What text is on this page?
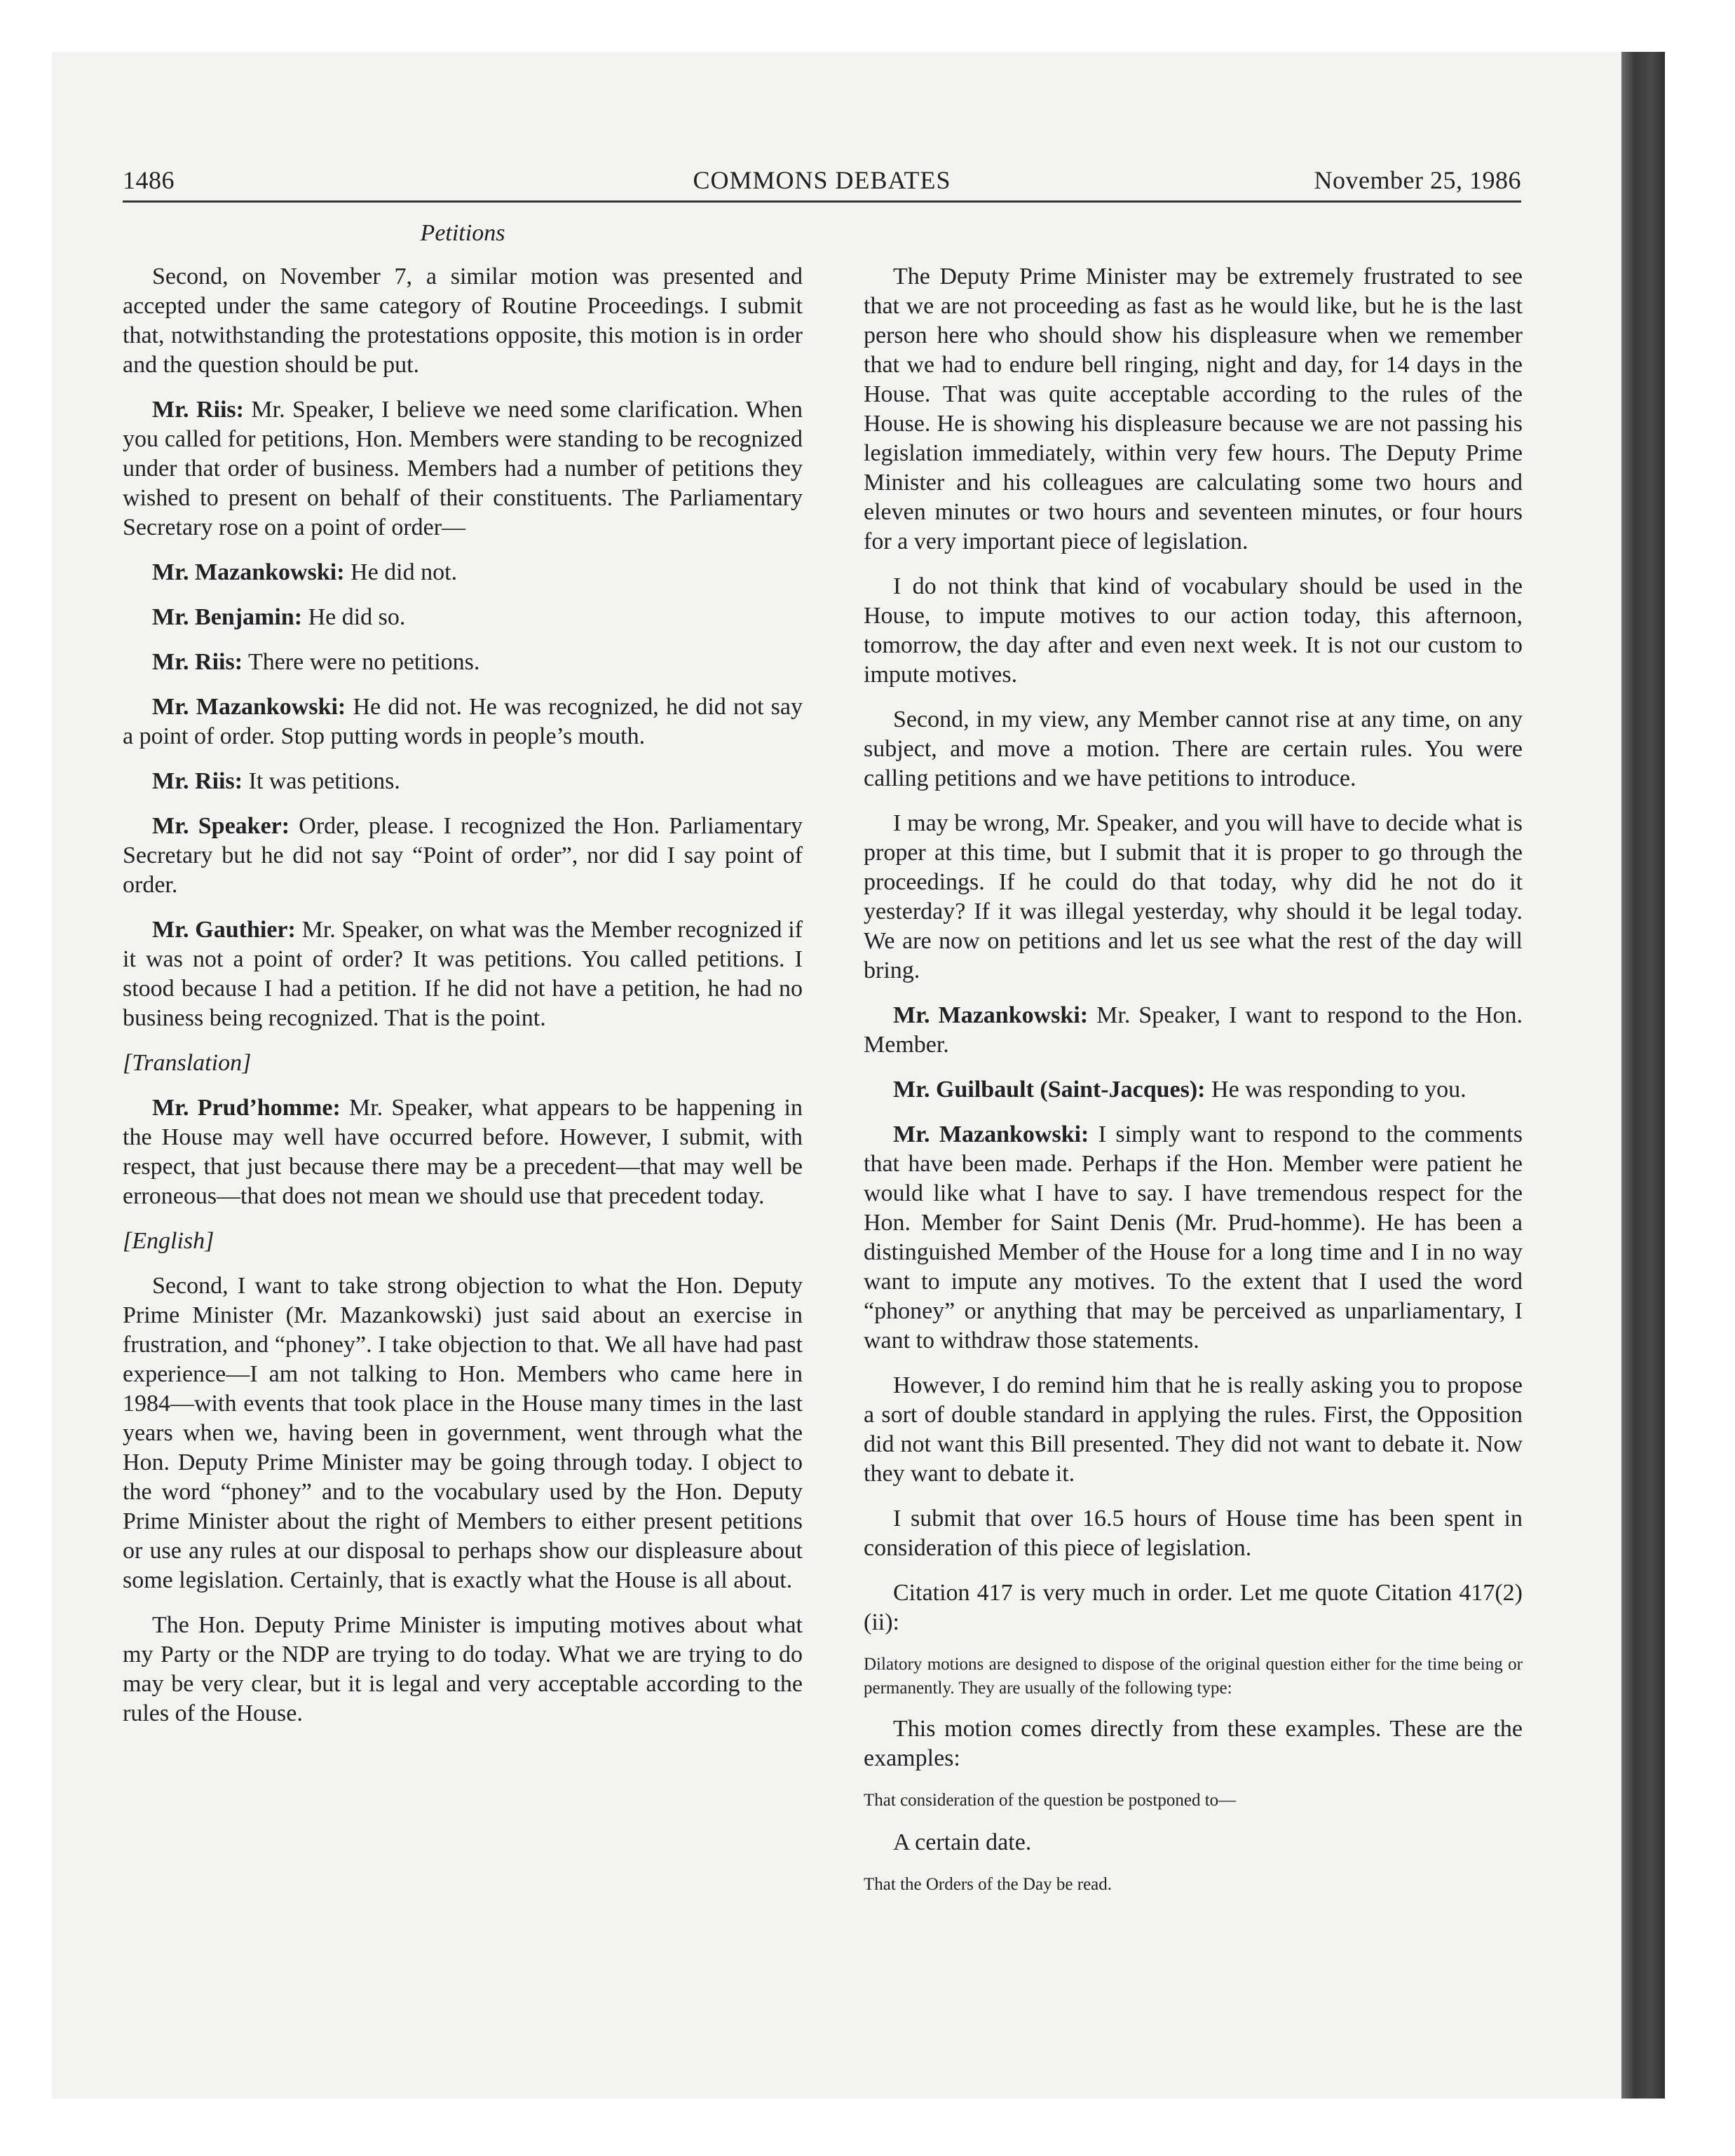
1486	COMMONS DEBATES	November 25, 1986
Petitions

Second, on November 7, a similar motion was presented and accepted under the same category of Routine Proceedings. I submit that, notwithstanding the protestations opposite, this motion is in order and the question should be put.

Mr. Riis: Mr. Speaker, I believe we need some clarification. When you called for petitions, Hon. Members were standing to be recognized under that order of business. Members had a number of petitions they wished to present on behalf of their constituents. The Parliamentary Secretary rose on a point of order—

Mr. Mazankowski: He did not.

Mr. Benjamin: He did so.

Mr. Riis: There were no petitions.

Mr. Mazankowski: He did not. He was recognized, he did not say a point of order. Stop putting words in people’s mouth.

Mr. Riis: It was petitions.

Mr. Speaker: Order, please. I recognized the Hon. Parliamentary Secretary but he did not say “Point of order”, nor did I say point of order.

Mr. Gauthier: Mr. Speaker, on what was the Member recognized if it was not a point of order? It was petitions. You called petitions. I stood because I had a petition. If he did not have a petition, he had no business being recognized. That is the point.

[Translation]

Mr. Prud’homme: Mr. Speaker, what appears to be happening in the House may well have occurred before. However, I submit, with respect, that just because there may be a precedent—that may well be erroneous—that does not mean we should use that precedent today.

[English]

Second, I want to take strong objection to what the Hon. Deputy Prime Minister (Mr. Mazankowski) just said about an exercise in frustration, and “phoney”. I take objection to that. We all have had past experience—I am not talking to Hon. Members who came here in 1984—with events that took place in the House many times in the last years when we, having been in government, went through what the Hon. Deputy Prime Minister may be going through today. I object to the word “phoney” and to the vocabulary used by the Hon. Deputy Prime Minister about the right of Members to either present petitions or use any rules at our disposal to perhaps show our displeasure about some legislation. Certainly, that is exactly what the House is all about.

The Hon. Deputy Prime Minister is imputing motives about what my Party or the NDP are trying to do today. What we are trying to do may be very clear, but it is legal and very acceptable according to the rules of the House.

The Deputy Prime Minister may be extremely frustrated to see that we are not proceeding as fast as he would like, but he is the last person here who should show his displeasure when we remember that we had to endure bell ringing, night and day, for 14 days in the House. That was quite acceptable according to the rules of the House. He is showing his displeasure because we are not passing his legislation immediately, within very few hours. The Deputy Prime Minister and his colleagues are calculating some two hours and eleven minutes or two hours and seventeen minutes, or four hours for a very important piece of legislation.

I do not think that kind of vocabulary should be used in the House, to impute motives to our action today, this afternoon, tomorrow, the day after and even next week. It is not our custom to impute motives.

Second, in my view, any Member cannot rise at any time, on any subject, and move a motion. There are certain rules. You were calling petitions and we have petitions to introduce.

I may be wrong, Mr. Speaker, and you will have to decide what is proper at this time, but I submit that it is proper to go through the proceedings. If he could do that today, why did he not do it yesterday? If it was illegal yesterday, why should it be legal today. We are now on petitions and let us see what the rest of the day will bring.

Mr. Mazankowski: Mr. Speaker, I want to respond to the Hon. Member.

Mr. Guilbault (Saint-Jacques): He was responding to you.

Mr. Mazankowski: I simply want to respond to the comments that have been made. Perhaps if the Hon. Member were patient he would like what I have to say. I have tremendous respect for the Hon. Member for Saint Denis (Mr. Prud-homme). He has been a distinguished Member of the House for a long time and I in no way want to impute any motives. To the extent that I used the word “phoney” or anything that may be perceived as unparliamentary, I want to withdraw those statements.

However, I do remind him that he is really asking you to propose a sort of double standard in applying the rules. First, the Opposition did not want this Bill presented. They did not want to debate it. Now they want to debate it.

I submit that over 16.5 hours of House time has been spent in consideration of this piece of legislation.

Citation 417 is very much in order. Let me quote Citation 417(2)(ii):

Dilatory motions are designed to dispose of the original question either for the time being or permanently. They are usually of the following type:

This motion comes directly from these examples. These are the examples:

That consideration of the question be postponed to—

A certain date.

That the Orders of the Day be read.
